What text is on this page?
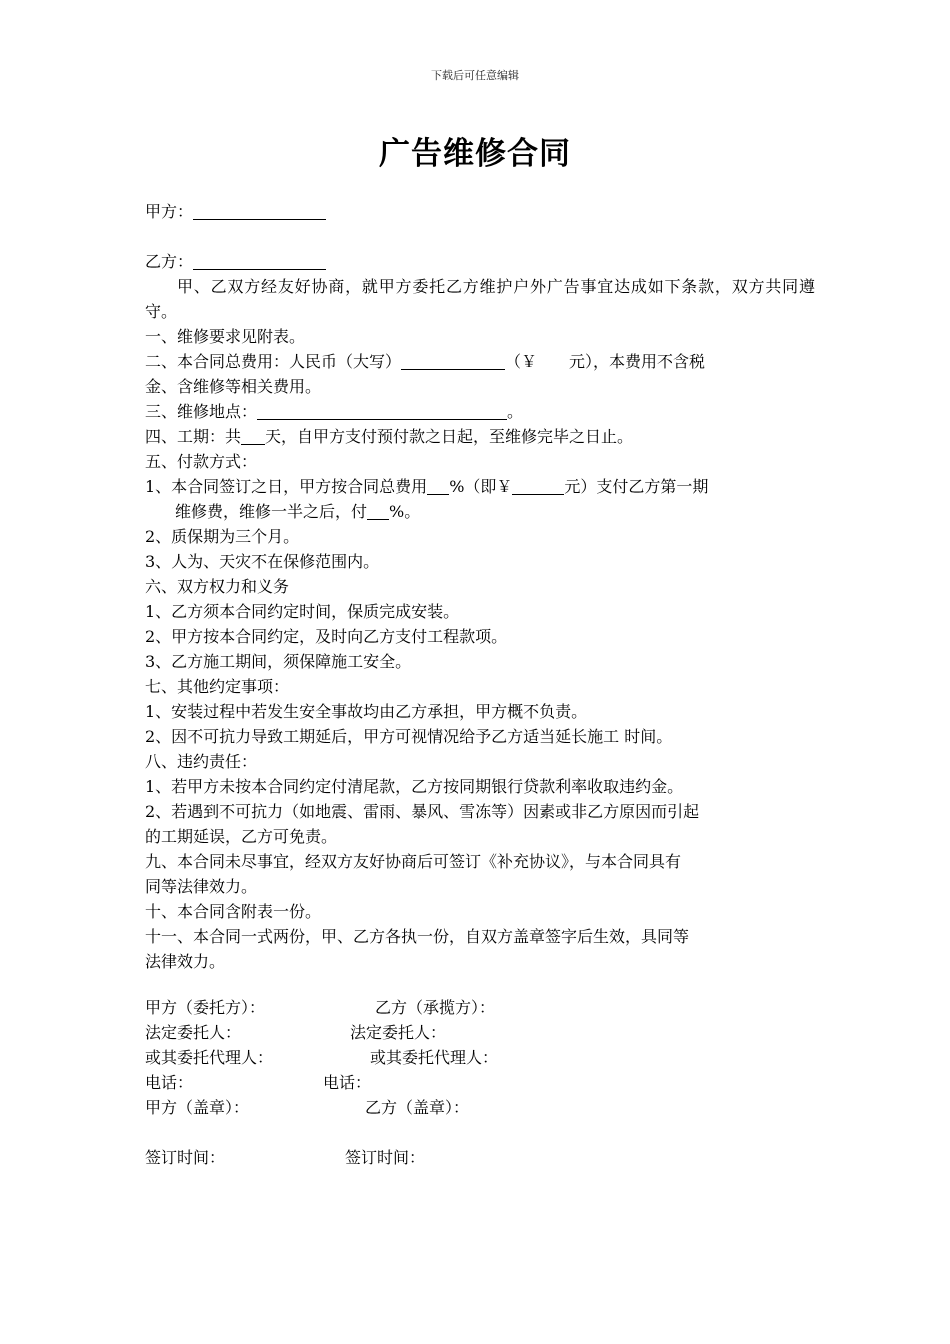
下载后可任意编辑
广告维修合同
甲方：
乙方：
甲、乙双方经友好协商，就甲方委托乙方维护户外广告事宜达成如下条款，双方共同遵守。
一、维修要求见附表。
二、本合同总费用：人民币（大写）	（￥　　元），本费用不含税
金、含维修等相关费用。
三、维修地点：	。
四、工期：共 天，自甲方支付预付款之日起，至维修完毕之日止。
五、付款方式：
1、本合同签订之日，甲方按合同总费用 %（即￥	元）支付乙方第一期
维修费，维修一半之后，付 %。
2、质保期为三个月。
3、人为、天灾不在保修范围内。
六、双方权力和义务
1、乙方须本合同约定时间，保质完成安装。
2、甲方按本合同约定，及时向乙方支付工程款项。
3、乙方施工期间，须保障施工安全。
七、其他约定事项：
1、安装过程中若发生安全事故均由乙方承担，甲方概不负责。
2、因不可抗力导致工期延后，甲方可视情况给予乙方适当延长施工 时间。
八、违约责任：
1、若甲方未按本合同约定付清尾款，乙方按同期银行贷款利率收取违约金。
2、若遇到不可抗力（如地震、雷雨、暴风、雪冻等）因素或非乙方原因而引起
的工期延误，乙方可免责。
九、本合同未尽事宜，经双方友好协商后可签订《补充协议》，与本合同具有
同等法律效力。
十、本合同含附表一份。
十一、本合同一式两份，甲、乙方各执一份，自双方盖章签字后生效，具同等
法律效力。
甲方（委托方）：	乙方（承揽方）：
法定委托人：	法定委托人：
或其委托代理人：	或其委托代理人：
电话：	电话：
甲方（盖章）：	乙方（盖章）：
签订时间：	签订时间：
